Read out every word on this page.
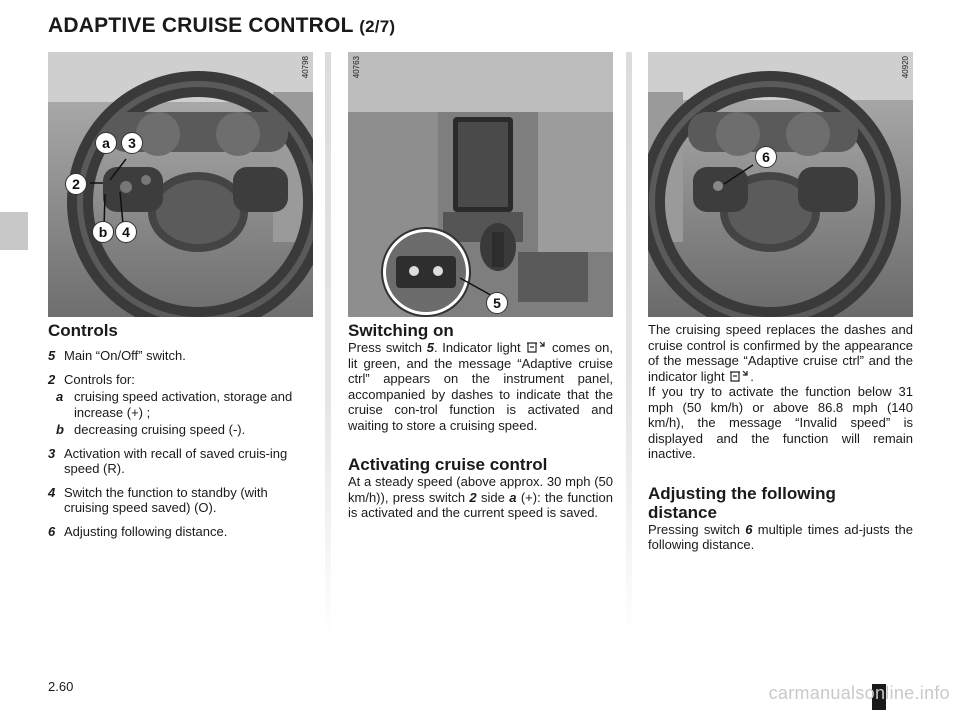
ADAPTIVE CRUISE CONTROL (2/7)
40798
a	3
2
b	4
40763
5
40920
6
Controls
5 Main “On/Off” switch.
2 Controls for:
a cruising speed activation, storage and increase (+) ;
b decreasing cruising speed (-).
3 Activation with recall of saved cruis-ing speed (R).
4 Switch the function to standby (with cruising speed saved) (O).
6 Adjusting following distance.
Switching on

Press switch 5. Indicator light comes on, lit green, and the message “Adaptive cruise ctrl” appears on the instrument panel, accompanied by dashes to indicate that the cruise con-trol function is activated and waiting to store a cruising speed.

Activating cruise control

At a steady speed (above approx. 30 mph (50 km/h)), press switch 2 side a (+): the function is activated and the current speed is saved.

The cruising speed replaces the dashes and cruise control is confirmed by the appearance of the message “Adaptive cruise ctrl” and the indicator light .

If you try to activate the function below 31 mph (50 km/h) or above 86.8 mph (140 km/h), the message “Invalid speed” is displayed and the function will remain inactive.

Adjusting the following distance

Pressing switch 6 multiple times ad-justs the following distance.

2.60	carmanualsonline.info
